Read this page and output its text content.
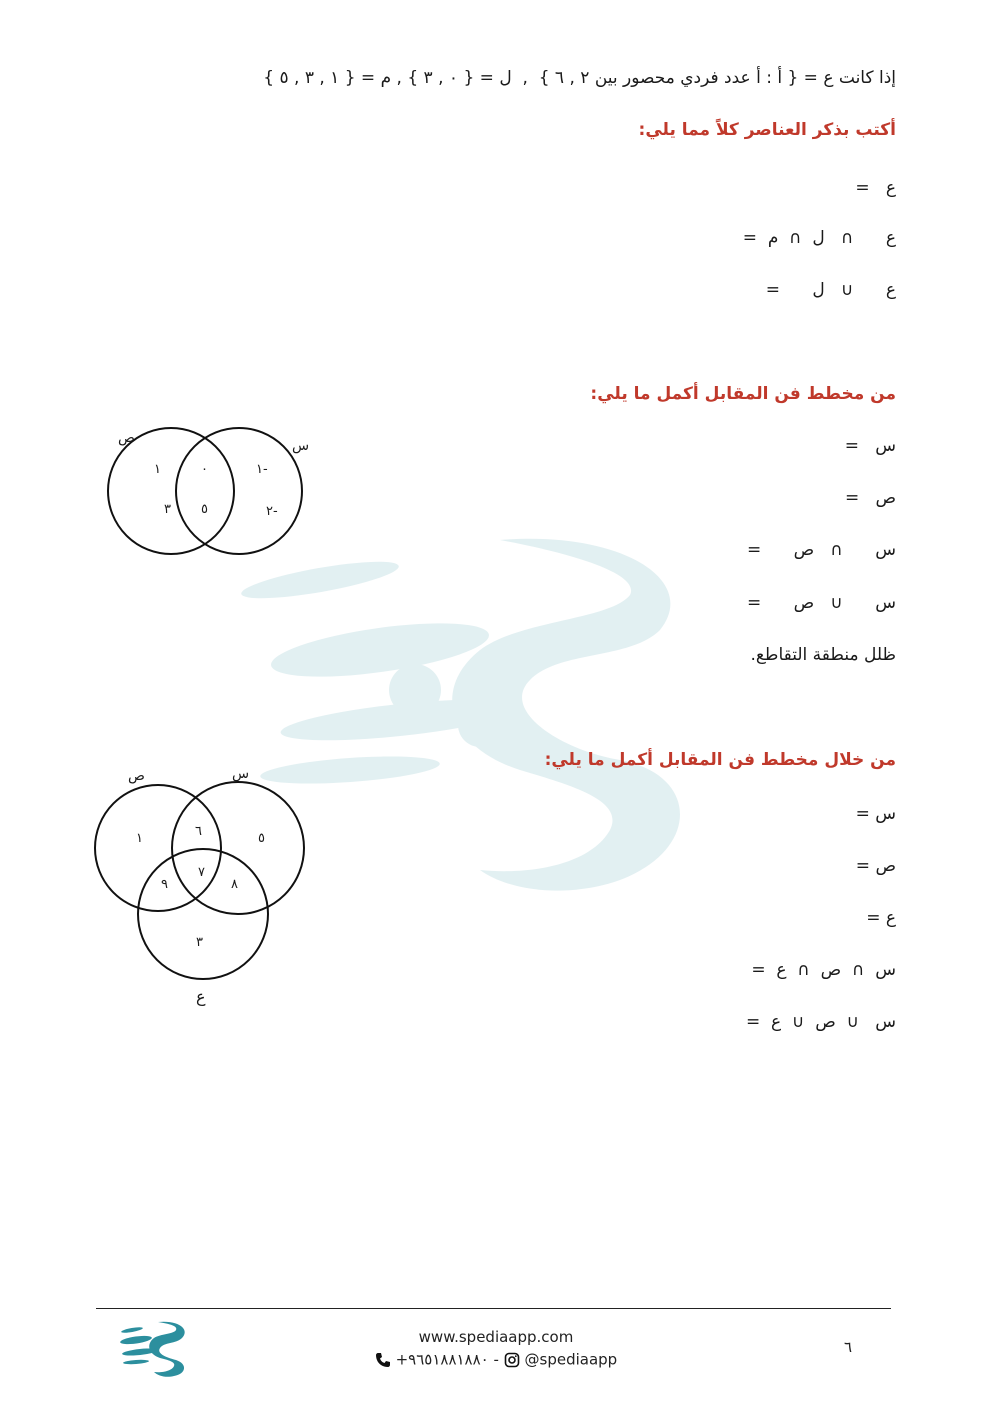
إذا كانت ع = { أ : أ عدد فردي محصور بين ٢ , ٦ }  ,  ل = { ٠ , ٣ } , م = { ١ , ٣ , ٥ }
أكتب بذكر العناصر كلاً مما يلي:
ع   =
ع      ∩   ل  ∩  م  =
ع      ∪   ل      =
من مخطط فن المقابل أكمل ما يلي:
س   =
ص   =
س      ∩   ص      =
س      ∪   ص      =
ظلل منطقة التقاطع.
ص	س
١
٣
٠
٥
١-
٢-
من خلال مخطط فن المقابل أكمل ما يلي:
س =
ص =
ع =
س  ∩  ص  ∩  ع  =
س   ∪  ص  ∪  ع  =
ص	س
ع
١	٦	٥
٩
٧
٨
٣
www.spediaapp.com
+٩٦٥١٨٨١٨٨٠ - @spediaapp
٦
